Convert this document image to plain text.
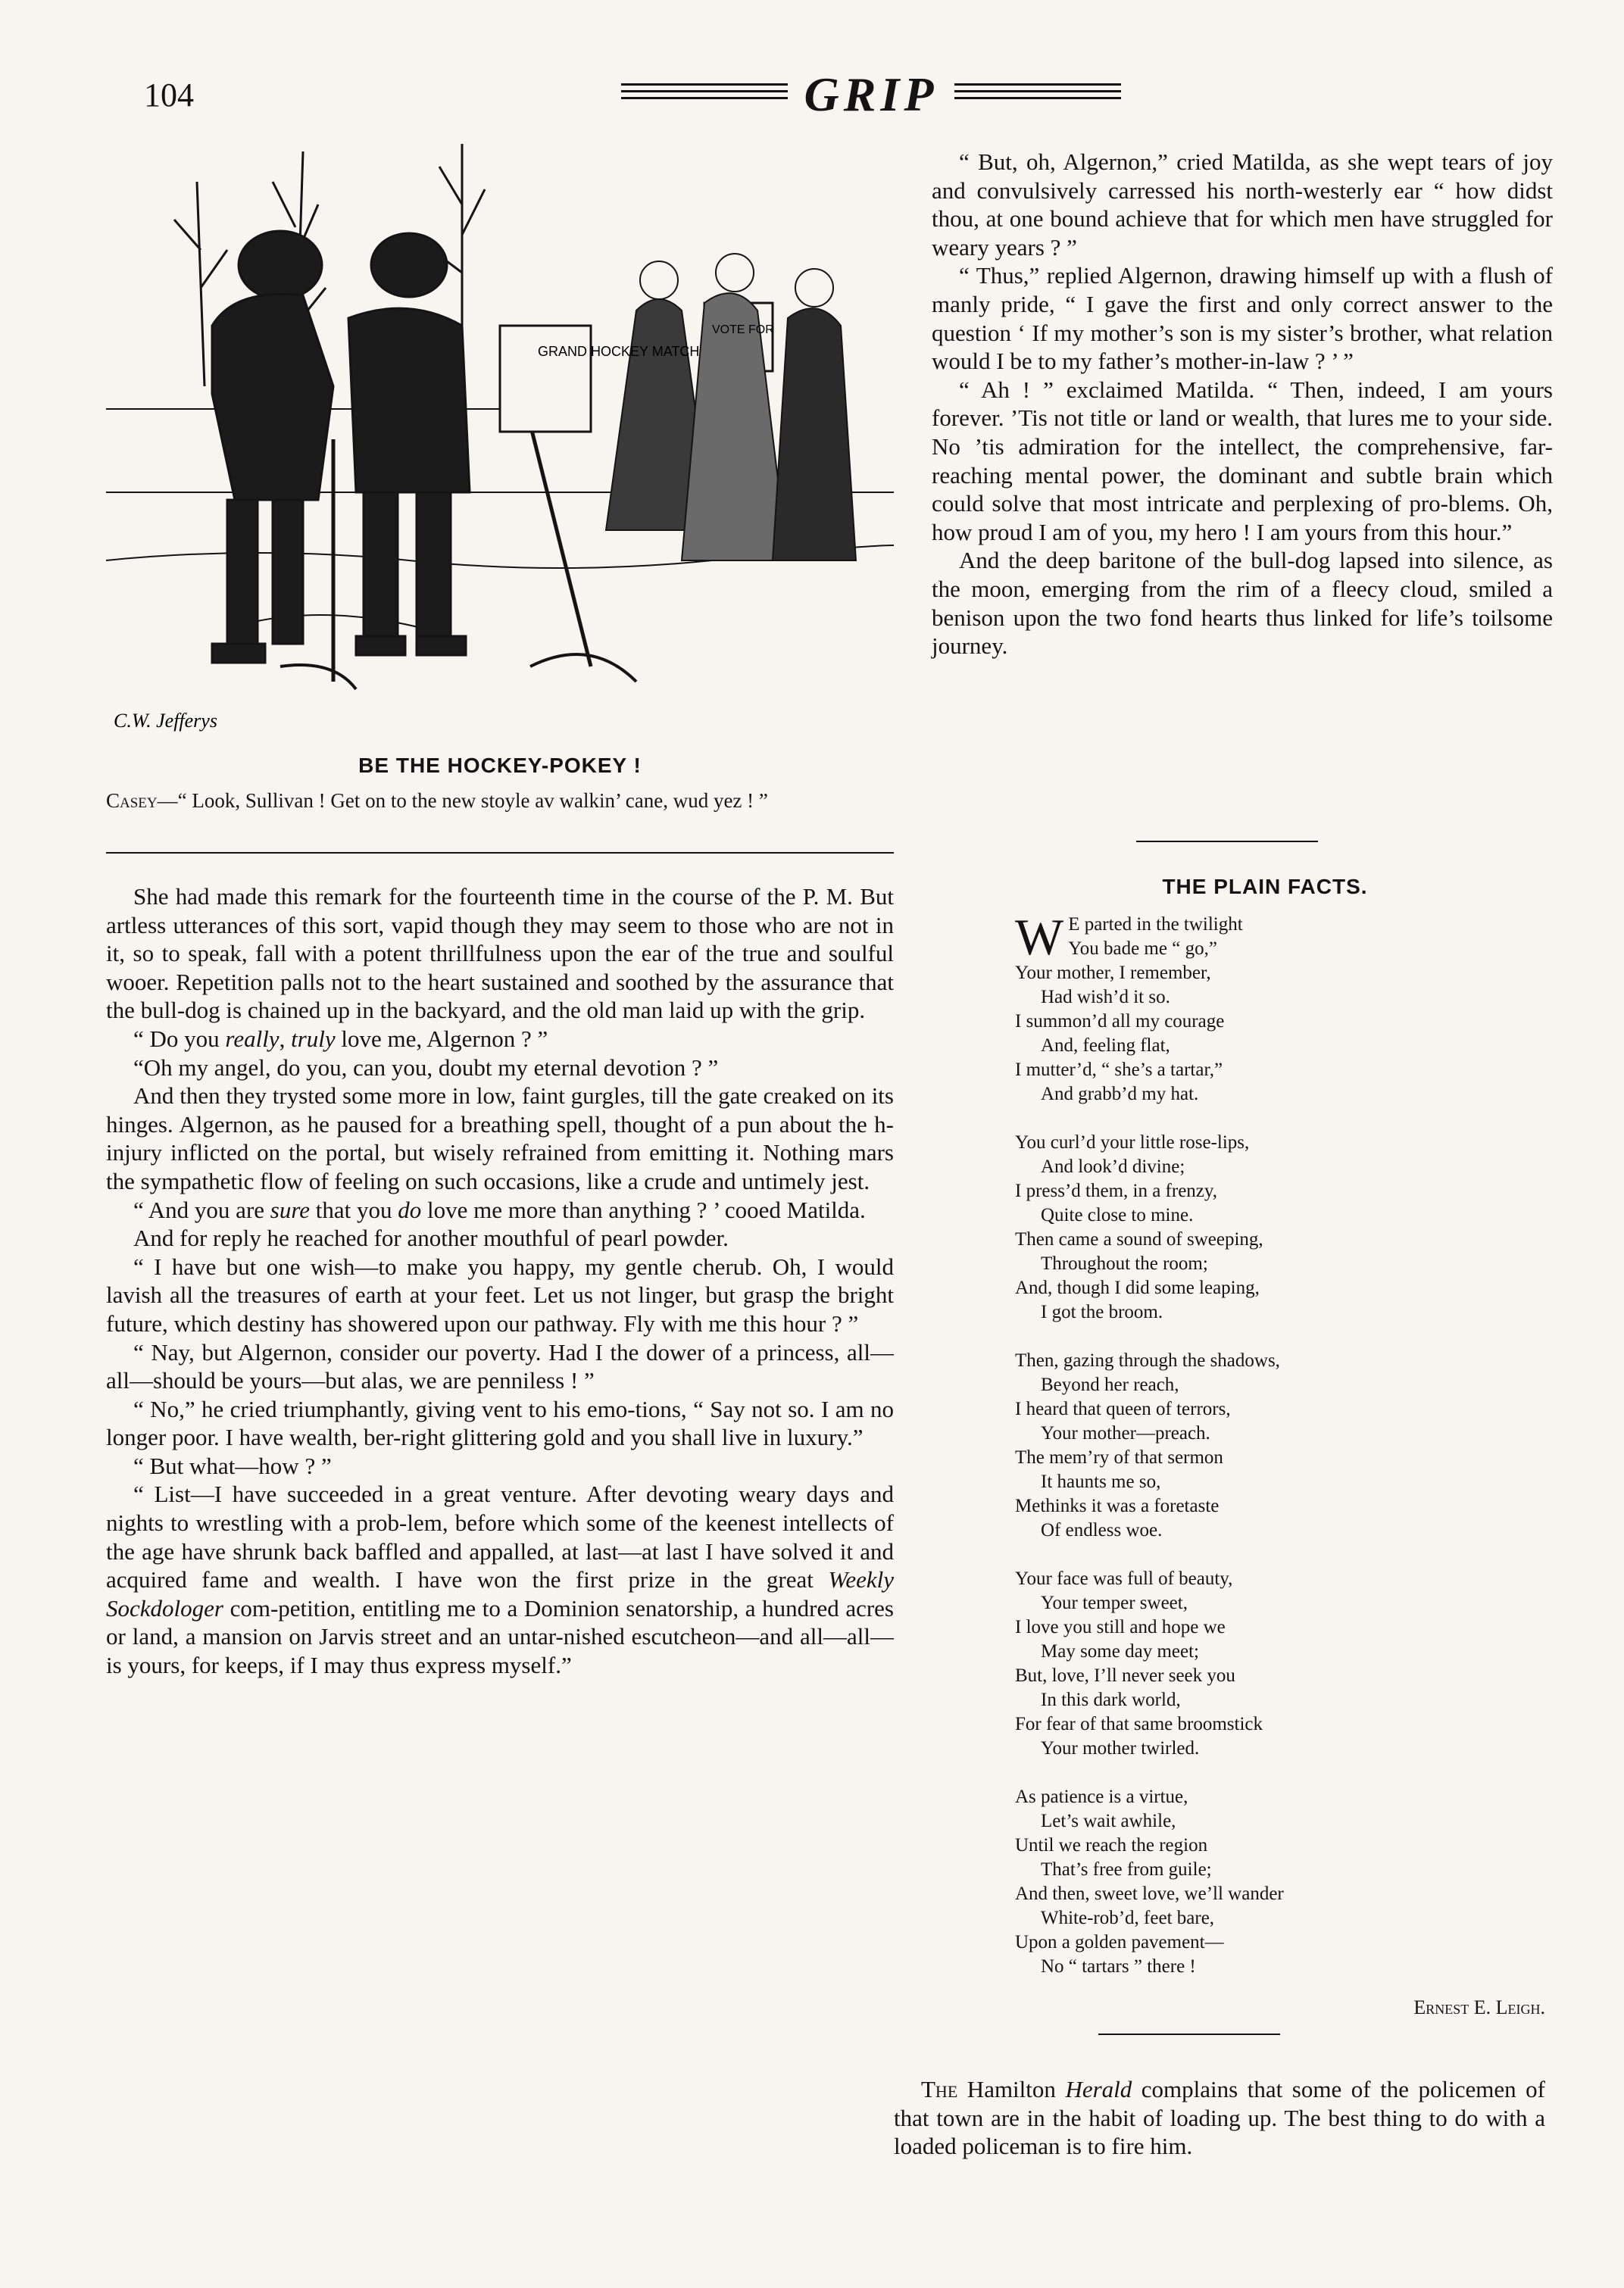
104	GRIP
GRAND HOCKEY MATCH
VOTE FOR
C.W. Jefferys
BE THE HOCKEY-POKEY !
Casey—“ Look, Sullivan ! Get on to the new stoyle av walkin’ cane, wud yez ! ”

“ But, oh, Algernon,” cried Matilda, as she wept tears of joy and convulsively carressed his north-westerly ear “ how didst thou, at one bound achieve that for which men have struggled for weary years ? ”

“ Thus,” replied Algernon, drawing himself up with a flush of manly pride, “ I gave the first and only correct answer to the question ‘ If my mother’s son is my sister’s brother, what relation would I be to my father’s mother-in-law ? ’ ”

“ Ah ! ” exclaimed Matilda. “ Then, indeed, I am yours forever. ’Tis not title or land or wealth, that lures me to your side. No ’tis admiration for the intellect, the comprehensive, far-reaching mental power, the dominant and subtle brain which could solve that most intricate and perplexing of pro-blems. Oh, how proud I am of you, my hero ! I am yours from this hour.”

And the deep baritone of the bull-dog lapsed into silence, as the moon, emerging from the rim of a fleecy cloud, smiled a benison upon the two fond hearts thus linked for life’s toilsome journey.

She had made this remark for the fourteenth time in the course of the P. M. But artless utterances of this sort, vapid though they may seem to those who are not in it, so to speak, fall with a potent thrillfulness upon the ear of the true and soulful wooer. Repetition palls not to the heart sustained and soothed by the assurance that the bull-dog is chained up in the backyard, and the old man laid up with the grip.

“ Do you really, truly love me, Algernon ? ”

“Oh my angel, do you, can you, doubt my eternal devotion ? ”

And then they trysted some more in low, faint gurgles, till the gate creaked on its hinges. Algernon, as he paused for a breathing spell, thought of a pun about the h-injury inflicted on the portal, but wisely refrained from emitting it. Nothing mars the sympathetic flow of feeling on such occasions, like a crude and untimely jest.

“ And you are sure that you do love me more than anything ? ’ cooed Matilda.

And for reply he reached for another mouthful of pearl powder.

“ I have but one wish—to make you happy, my gentle cherub. Oh, I would lavish all the treasures of earth at your feet. Let us not linger, but grasp the bright future, which destiny has showered upon our pathway. Fly with me this hour ? ”

“ Nay, but Algernon, consider our poverty. Had I the dower of a princess, all—all—should be yours—but alas, we are penniless ! ”

“ No,” he cried triumphantly, giving vent to his emo-tions, “ Say not so. I am no longer poor. I have wealth, ber-right glittering gold and you shall live in luxury.”

“ But what—how ? ”

“ List—I have succeeded in a great venture. After devoting weary days and nights to wrestling with a prob-lem, before which some of the keenest intellects of the age have shrunk back baffled and appalled, at last—at last I have solved it and acquired fame and wealth. I have won the first prize in the great Weekly Sockdologer com-petition, entitling me to a Dominion senatorship, a hundred acres or land, a mansion on Jarvis street and an untar-nished escutcheon—and all—all—is yours, for keeps, if I may thus express myself.”

THE PLAIN FACTS.
W E parted in the twilight
You bade me “ go,”
Your mother, I remember,
Had wish’d it so.
I summon’d all my courage
And, feeling flat,
I mutter’d, “ she’s a tartar,”
And grabb’d my hat.
You curl’d your little rose-lips,
And look’d divine;
I press’d them, in a frenzy,
Quite close to mine.
Then came a sound of sweeping,
Throughout the room;
And, though I did some leaping,
I got the broom.
Then, gazing through the shadows,
Beyond her reach,
I heard that queen of terrors,
Your mother—preach.
The mem’ry of that sermon
It haunts me so,
Methinks it was a foretaste
Of endless woe.
Your face was full of beauty,
Your temper sweet,
I love you still and hope we
May some day meet;
But, love, I’ll never seek you
In this dark world,
For fear of that same broomstick
Your mother twirled.
As patience is a virtue,
Let’s wait awhile,
Until we reach the region
That’s free from guile;
And then, sweet love, we’ll wander
White-rob’d, feet bare,
Upon a golden pavement—
No “ tartars ” there !
Ernest E. Leigh.
The Hamilton Herald complains that some of the policemen of that town are in the habit of loading up. The best thing to do with a loaded policeman is to fire him.
